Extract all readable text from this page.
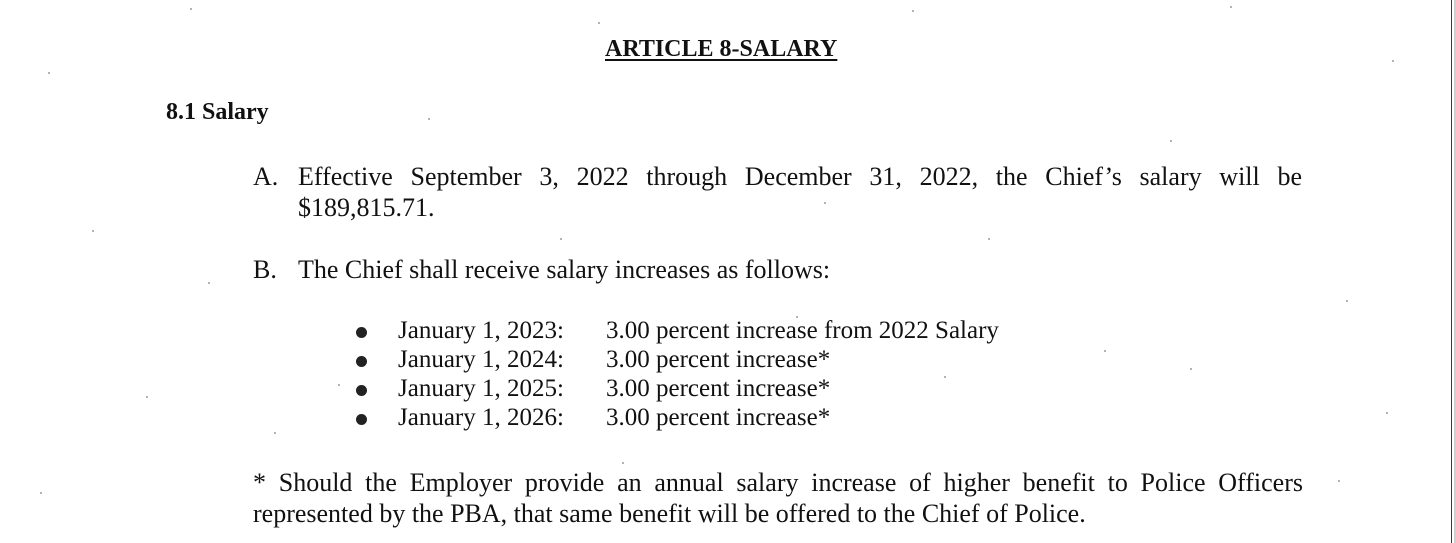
ARTICLE 8-SALARY
8.1 Salary
A. Effective September 3, 2022 through December 31, 2022, the Chief’s salary will be
$189,815.71.
B. The Chief shall receive salary increases as follows:
January 1, 2023: 3.00 percent increase from 2022 Salary
January 1, 2024: 3.00 percent increase*
January 1, 2025: 3.00 percent increase*
January 1, 2026: 3.00 percent increase*
* Should the Employer provide an annual salary increase of higher benefit to Police Officers
represented by the PBA, that same benefit will be offered to the Chief of Police.
